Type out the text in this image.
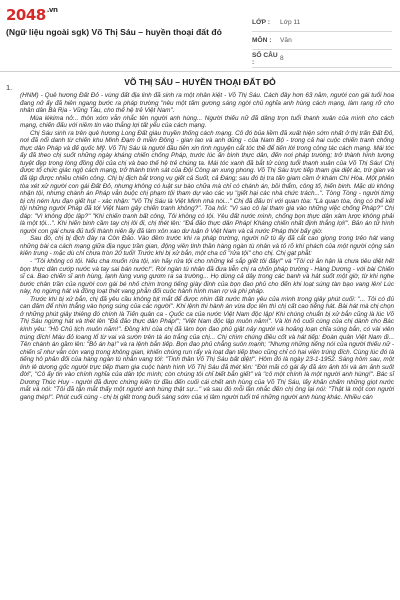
$2048^{.vn}$
(Ngữ liệu ngoài sgk) Võ Thị Sáu – huyền thoại đất đỏ
LỚP :	Lớp 11
MÔN :	Văn
SỐ CÂU :	8
1.
VÕ THỊ SÁU – HUYỀN THOẠI ĐẤT ĐỎ

(HNM) - Quê hương Đất Đỏ - vùng đất địa linh đã sinh ra một nhân kiệt - Võ Thị Sáu. Cách đây hơn 63 năm, người con gái tuổi hoa đang nở ấy đã hiên ngang bước ra pháp trường "nêu một tấm gương sáng ngời chủ nghĩa anh hùng cách mạng, làm rạng rỡ cho nhân dân Bà Rịa - Vũng Tàu, cho thế hệ trẻ Việt Nam".

Mùa lékima nở... thôn xóm vẫn nhắc tên người anh hùng... Người thiếu nữ đã dâng trọn tuổi thanh xuân của mình cho cách mạng, chiến đấu với niềm tin vào thắng lợi tất yếu của cách mạng.

Chị Sáu sinh ra trên quê hương Long Đất giàu truyền thống cách mạng. Cô đó bủa liềm đã xuất hiện sớm nhất ở thị trấn Đất Đỏ, nơi đã nổi danh từ chiến khu Minh Đạm ở miền Đông - gian lao và anh dũng - của Nam Bộ - trong cả hai cuộc chiến tranh chống thực dân Pháp và đế quốc Mỹ. Võ Thị Sáu là người đầu tiên xin tình nguyện cắt tóc thề để tiến lời trong công tác cách mạng. Mái tóc ấy đã theo chị suốt những ngày kháng chiến chống Pháp, trước lúc ấn bình thực dân, đến nơi pháp trường; trở thành hình tượng tuyệt đẹp trong lòng đồng đội của chị và bao thế hệ trẻ chúng ta. Mái tóc xanh đã bắt tử cùng tuổi thanh xuân của Võ Thị Sáu! Chị được tổ chức giác ngộ cách mạng, trở thành trinh sát của Đội Công an xung phong. Võ Thị Sáu trực tiếp tham gia diệt ác, trừ gian và đã lập được nhiều chiến công. Chị bị địch bắt trong vụ giết cả Suốt, cả Đáng; sau đó bị tra tấn giam cầm ở khám Chí Hòa. Một phiên tòa xét xử người con gái Đất Đỏ, nhưng không có luật sư bào chữa mà chỉ có chánh án, bồi thẩm, công tố, hiến binh. Mặc dù không nhận tội, nhưng chánh án Pháp vẫn buộc chị phạm tội tham dự vào các vụ "giết hại các nhà chức trách...". Tòng Tòng - người từng bị chị ném lựu đạn giết hụt - xác nhận: "Võ Thị Sáu là Việt Minh nhà nòi..." Chị đã đấu trí với quan tòa: "Là quan tòa, ông có thể kết tội những người Pháp đã tới Việt Nam gây chiến tranh không?". Tòa hỏi: "Vì sao cô lại tham gia vào những việc chống Pháp?" Chị đáp: "Vì không độc lập?" "Khi chiến tranh bất công, Tôi không có tội. Yêu đất nước mình, chống bọn thực dân xâm lược không phải là một tội...". Khi hiến binh cầm tay chị lôi đi, chị thét lên: "Đả đảo thực dân Pháp! Kháng chiến nhất định thắng lợi!". Bản án tử hình người con gái chưa đủ tuổi thành niên ấy đã làm xôn xao dư luận ở Việt Nam và cả nước Pháp thời bấy giờ.

Sau đó, chị bị địch đày ra Côn Đảo. Vào đêm trước khi ra pháp trường, người nữ tù ấy đã cắt cao giọng trong trẻo hát vang những bài ca cách mạng giữa địa ngục trần gian, động viên tinh thần hàng ngàn tù nhân và tỏ rõ khí phách của một người cộng sản kiên trung - mặc dù chỉ chưa tròn 20 tuổi! Trước khi bị xử bắn, một cha cố "rửa tội" cho chị. Chị gạt phắt:

- "Tôi không có tội. Nếu cha muốn rửa tội, xin hãy rửa tội cho những kẻ sắp giết tôi đây!" và "Tôi cứ ăn hận là chưa tiêu diệt hết bọn thực dân cướp nước và tay sai bán nước!". Rời ngàn tù nhân đã đưa tiễn chị ra chốn pháp trường - Hàng Dương - với bài Chiến sĩ ca. Bao chiến sĩ anh hùng, lạnh lùng vung gươm ra sa trường... Họ dùng cả dây trong các banh và hát suốt một giờ, từ khi nghe bước chân trần của người con gái bé nhỏ chìm trong tiếng giày đinh của bọn đao phủ cho đến khi loạt súng tàn bạo vang lên! Lúc này, họ ngừng hát và đồng loạt thét vang phẫn đối cuộc hành hình man rợ và phi pháp.

Trước khi bị xử bắn, chị đã yêu cầu không bịt mắt để được nhìn đất nước thân yêu của mình trong giây phút cuối: "... Tôi có đủ can đảm để nhìn thẳng vào họng súng của các người". Khi lệnh thi hành án vừa đọc lên thì chị cất cao tiếng hát. Bài hát mà chị chọn ở những phút giây thiêng đó chính là Tiến quân ca - Quốc ca của nước Việt Nam độc lập! Khi chúng chuẩn bị xử bắn cũng là lúc Võ Thị Sáu ngừng hát và thét lên "Đả đảo thực dân Pháp!"; "Việt Nam độc lập muôn năm!". Và lời hô cuối cùng của chị dành cho Bác kính yêu: "Hồ Chủ tịch muôn năm!". Đồng khí của chị đã làm bọn đao phủ giật nảy người và hoảng loạn chĩa súng bắn, có vài viên trúng đích! Máu đỏ loang lổ từ vai và sườn trên tà áo trắng của chị... Chị chìm chúng điều cốt và hát tiếp: Đoàn quân Việt Nam đi... Tên chánh án gầm lên: "Bỏ án hạ!" và ra lệnh bắn tiếp. Bọn đao phủ chẳng suôn mạnh; "Nhưng những tiếng nói của người thiếu nữ - chiến sĩ như vẫn còn vang trong không gian, khiến chúng run rẩy và loạt đạn tiếp theo cũng chỉ có hai viên trúng đích. Cùng lúc đó là tiếng hô phản đối của hàng ngàn tù nhân vang tới: "Tinh thần Võ Thị Sáu bất diệt!". Hôm đó là ngày 23-1-1952. Sáng hôm sau, một linh lê dương gốc người trực tiếp tham gia cuộc hành hình Võ Thị Sáu đã thét lên: "Đời mãi cô gái ấy đã ám ảnh tôi và ám ảnh suốt đời", "Cô ấy tin vào chính nghĩa của dân tộc mình; còn chúng tôi chỉ biết bắn giết" và "cô một chính là một người anh hùng!". Bác sĩ Dương Thúc Huy - người đã được chứng kiến từ đầu đến cuối cái chết anh hùng của Võ Thị Sáu, lấy khăn chấm những giọt nước mắt và nói: "Tôi đã tận mắt thấy một người anh hùng thật sự..." và sau đó mỗi lần nhắc đến chị ông lại nói: "Thật là một con người gang thép!". Phút cuối cùng - chị bị giết trong buổi sáng sớm của vị lâm người tuổi trẻ những người anh hùng khác. Nhiều cán
